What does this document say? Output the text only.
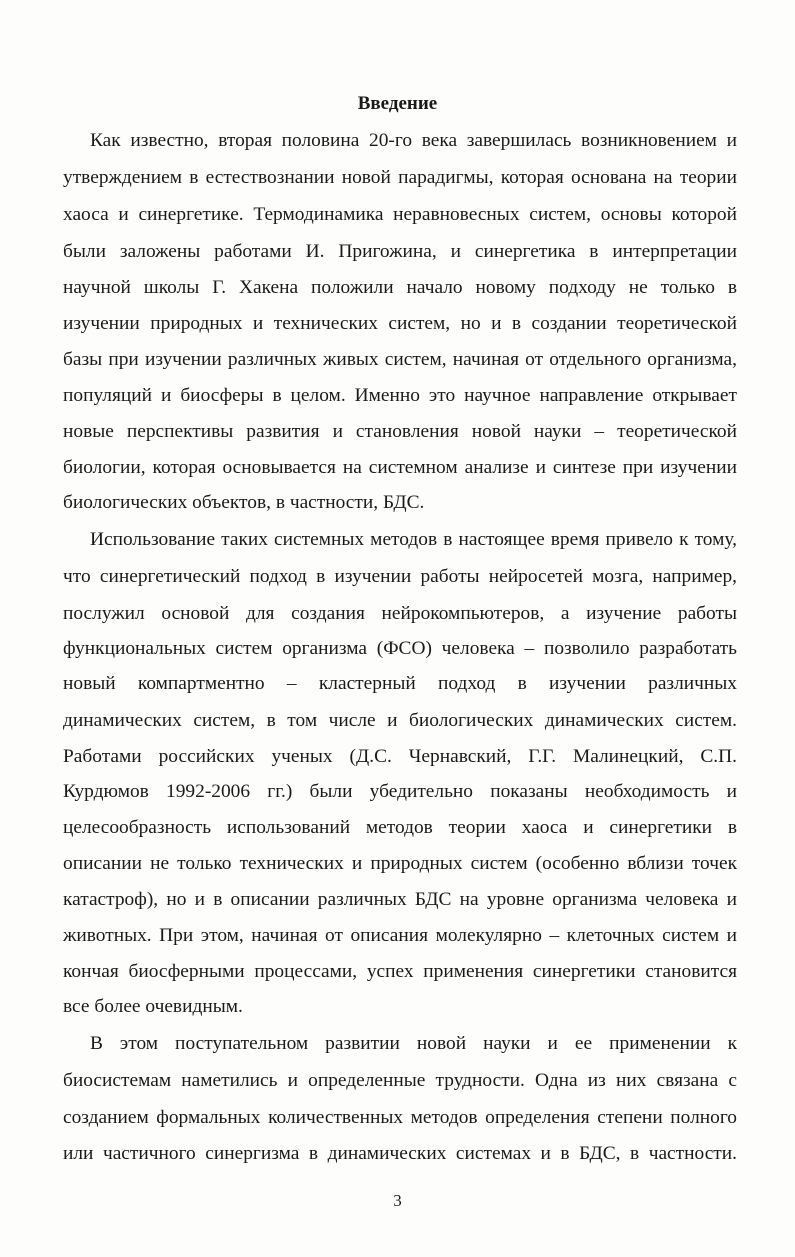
Введение

Как известно, вторая половина 20-го века завершилась возникновением и

утверждением в естествознании новой парадигмы, которая основана на теории

хаоса и синергетике. Термодинамика неравновесных систем, основы которой

были заложены работами И. Пригожина, и синергетика в интерпретации

научной школы Г. Хакена положили начало новому подходу не только в

изучении природных и технических систем, но и в создании теоретической

базы при изучении различных живых систем, начиная от отдельного организма,

популяций и биосферы в целом. Именно это научное направление открывает

новые перспективы развития и становления новой науки – теоретической

биологии, которая основывается на системном анализе и синтезе при изучении

биологических объектов, в частности, БДС.

Использование таких системных методов в настоящее время привело к тому,

что синергетический подход в изучении работы нейросетей мозга, например,

послужил основой для создания нейрокомпьютеров, а изучение работы

функциональных систем организма (ФСО) человека – позволило разработать

новый компартментно – кластерный подход в изучении различных

динамических систем, в том числе и биологических динамических систем.

Работами российских ученых (Д.С. Чернавский, Г.Г. Малинецкий, С.П.

Курдюмов 1992-2006 гг.) были убедительно показаны необходимость и

целесообразность использований методов теории хаоса и синергетики в

описании не только технических и природных систем (особенно вблизи точек

катастроф), но и в описании различных БДС на уровне организма человека и

животных. При этом, начиная от описания молекулярно – клеточных систем и

кончая биосферными процессами, успех применения синергетики становится

все более очевидным.

В этом поступательном развитии новой науки и ее применении к

биосистемам наметились и определенные трудности. Одна из них связана с

созданием формальных количественных методов определения степени полного

или частичного синергизма в динамических системах и в БДС, в частности.

3
